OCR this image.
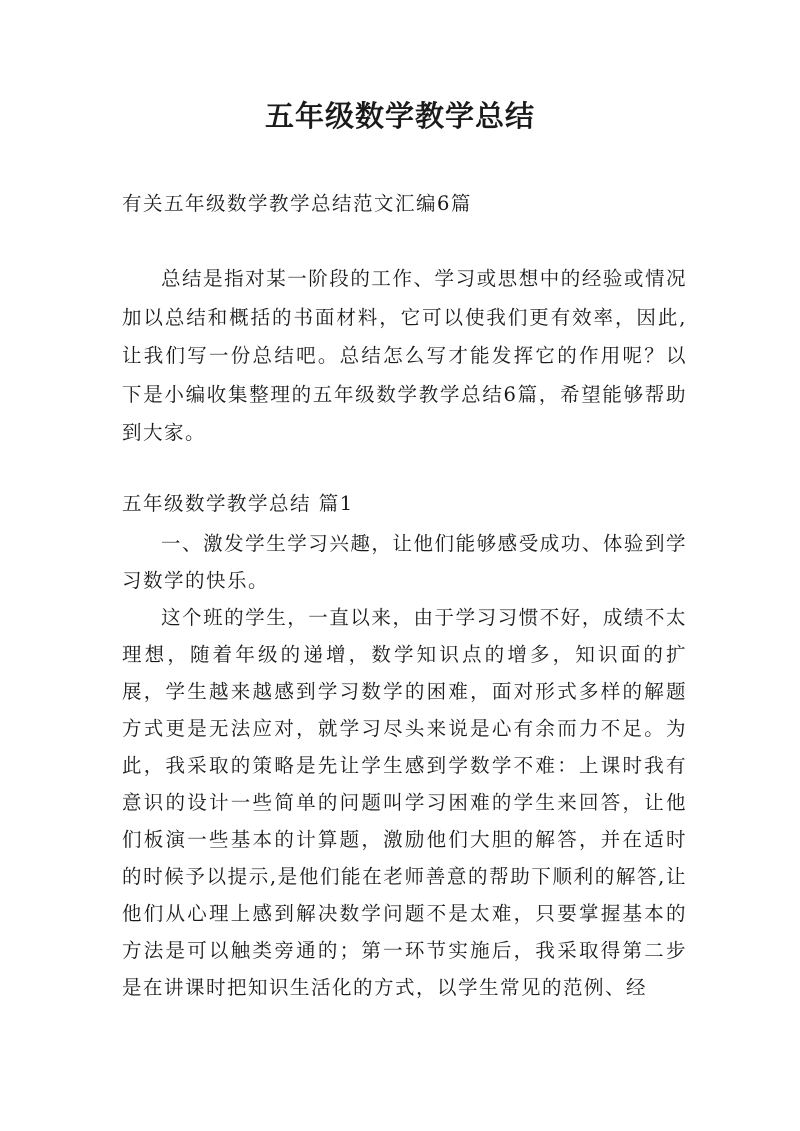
五年级数学教学总结
有关五年级数学教学总结范文汇编6篇

总结是指对某一阶段的工作、学习或思想中的经验或情况加以总结和概括的书面材料，它可以使我们更有效率，因此,让我们写一份总结吧。总结怎么写才能发挥它的作用呢？以下是小编收集整理的五年级数学教学总结6篇，希望能够帮助到大家。

五年级数学教学总结 篇1

一、激发学生学习兴趣，让他们能够感受成功、体验到学习数学的快乐。

这个班的学生，一直以来，由于学习习惯不好，成绩不太理想，随着年级的递增，数学知识点的增多，知识面的扩展，学生越来越感到学习数学的困难，面对形式多样的解题方式更是无法应对，就学习尽头来说是心有余而力不足。为此，我采取的策略是先让学生感到学数学不难：上课时我有意识的设计一些简单的问题叫学习困难的学生来回答，让他们板演一些基本的计算题，激励他们大胆的解答，并在适时的时候予以提示,是他们能在老师善意的帮助下顺利的解答,让他们从心理上感到解决数学问题不是太难，只要掌握基本的方法是可以触类旁通的；第一环节实施后，我采取得第二步是在讲课时把知识生活化的方式，以学生常见的范例、经
